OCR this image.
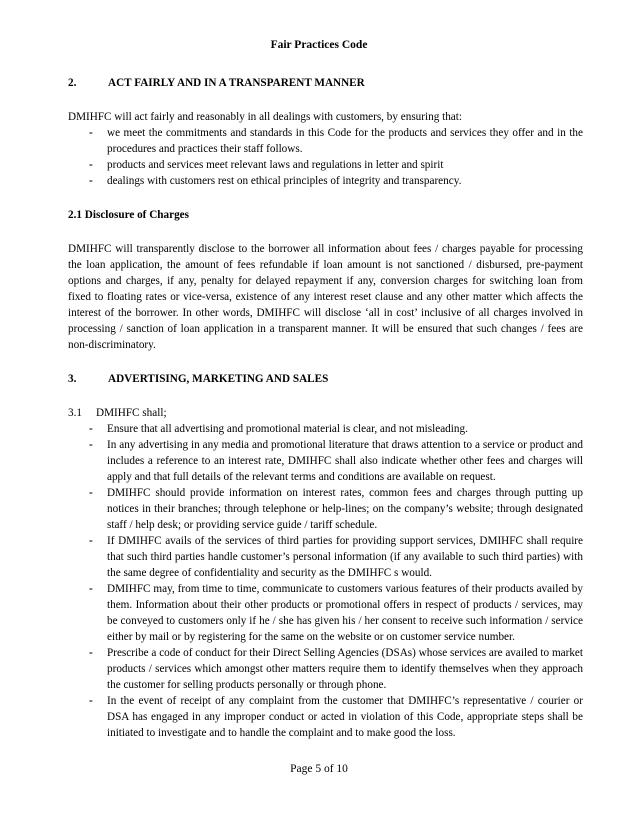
Fair Practices Code
2.	ACT FAIRLY AND IN A TRANSPARENT MANNER

DMIHFC will act fairly and reasonably in all dealings with customers, by ensuring that:

- we meet the commitments and standards in this Code for the products and services they offer and in the procedures and practices their staff follows.
- products and services meet relevant laws and regulations in letter and spirit
- dealings with customers rest on ethical principles of integrity and transparency.
2.1 Disclosure of Charges

DMIHFC will transparently disclose to the borrower all information about fees / charges payable for processing the loan application, the amount of fees refundable if loan amount is not sanctioned / disbursed, pre-payment options and charges, if any, penalty for delayed repayment if any, conversion charges for switching loan from fixed to floating rates or vice-versa, existence of any interest reset clause and any other matter which affects the interest of the borrower. In other words, DMIHFC will disclose ‘all in cost’ inclusive of all charges involved in processing / sanction of loan application in a transparent manner. It will be ensured that such changes / fees are non-discriminatory.

3.	ADVERTISING, MARKETING AND SALES
3.1	DMIHFC shall;
- Ensure that all advertising and promotional material is clear, and not misleading.
- In any advertising in any media and promotional literature that draws attention to a service or product and includes a reference to an interest rate, DMIHFC shall also indicate whether other fees and charges will apply and that full details of the relevant terms and conditions are available on request.
- DMIHFC should provide information on interest rates, common fees and charges through putting up notices in their branches; through telephone or help-lines; on the company’s website; through designated staff / help desk; or providing service guide / tariff schedule.
- If DMIHFC avails of the services of third parties for providing support services, DMIHFC shall require that such third parties handle customer’s personal information (if any available to such third parties) with the same degree of confidentiality and security as the DMIHFC s would.
- DMIHFC may, from time to time, communicate to customers various features of their products availed by them. Information about their other products or promotional offers in respect of products / services, may be conveyed to customers only if he / she has given his / her consent to receive such information / service either by mail or by registering for the same on the website or on customer service number.
- Prescribe a code of conduct for their Direct Selling Agencies (DSAs) whose services are availed to market products / services which amongst other matters require them to identify themselves when they approach the customer for selling products personally or through phone.
- In the event of receipt of any complaint from the customer that DMIHFC’s representative / courier or DSA has engaged in any improper conduct or acted in violation of this Code, appropriate steps shall be initiated to investigate and to handle the complaint and to make good the loss.
Page 5 of 10
